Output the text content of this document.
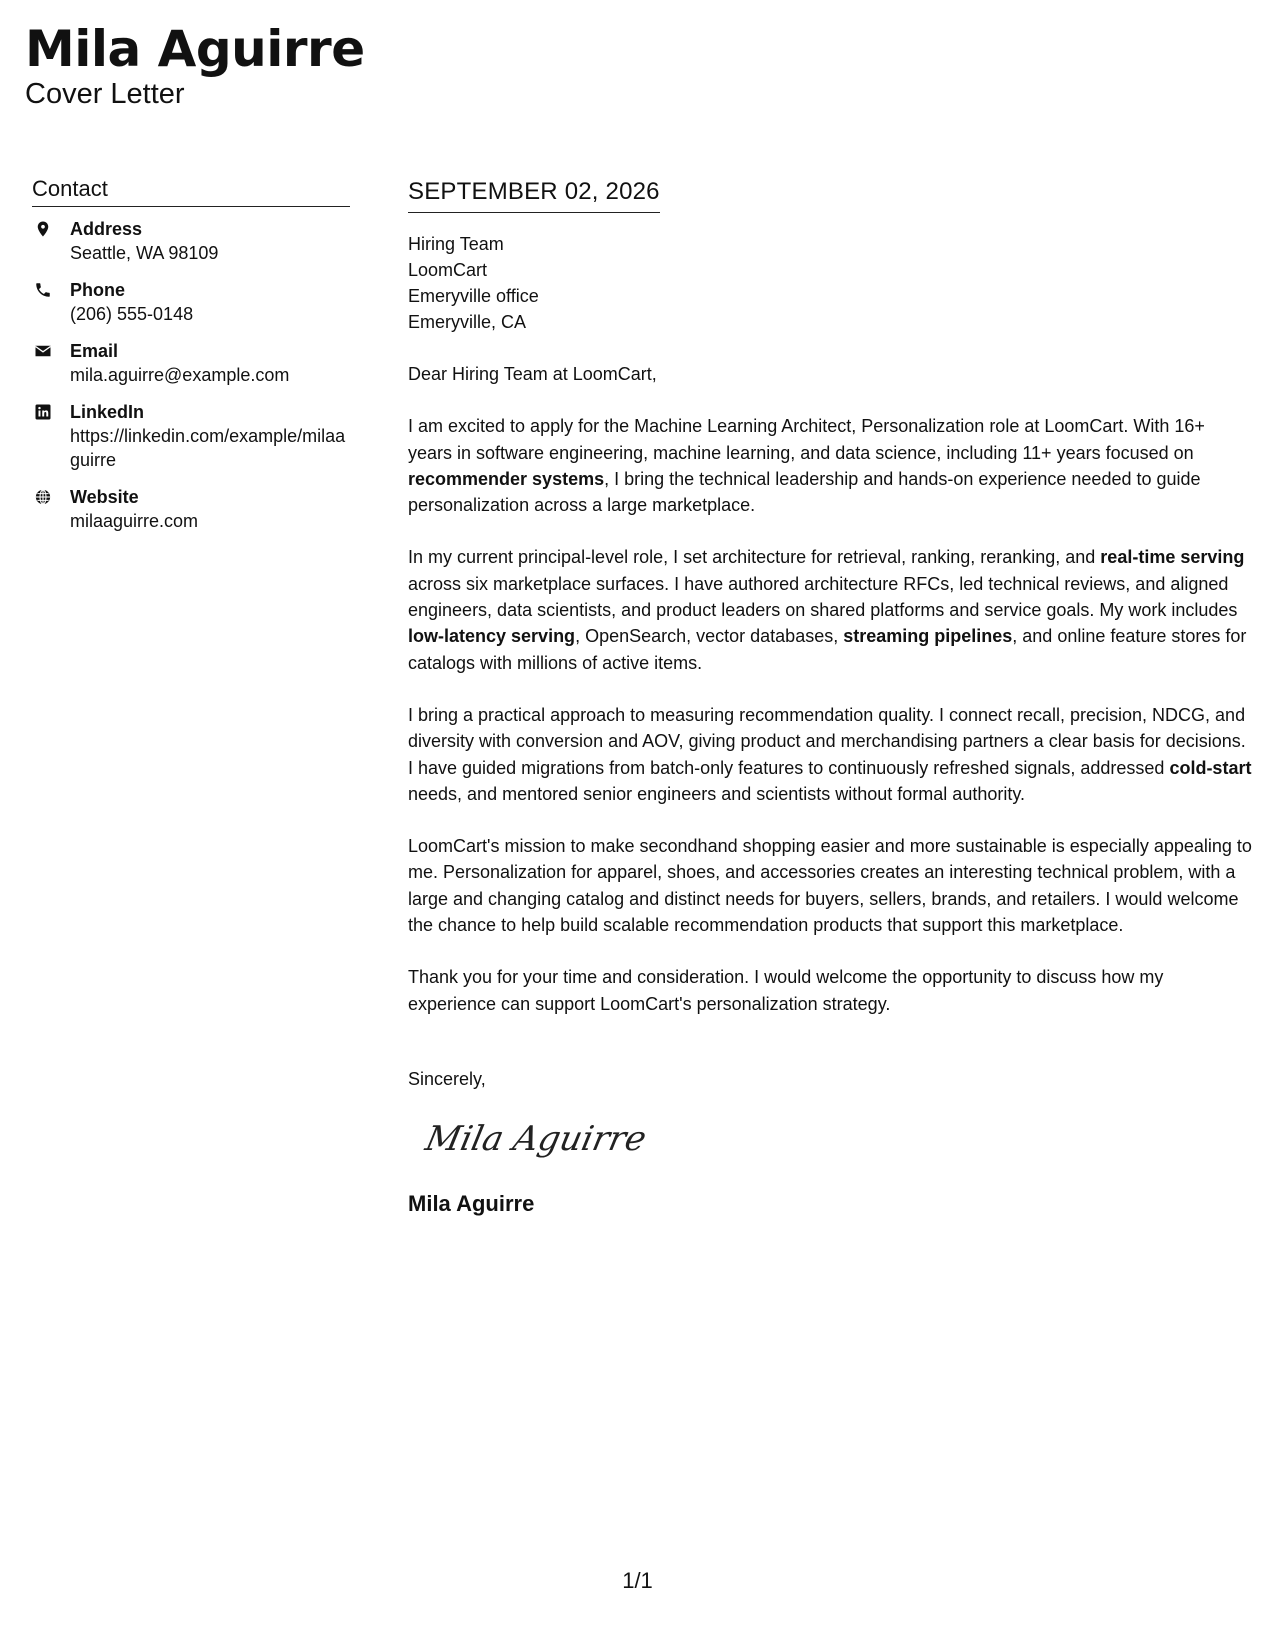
Mila Aguirre
Cover Letter
Contact
Address
Seattle, WA 98109
Phone
(206) 555-0148
Email
mila.aguirre@example.com
LinkedIn
https://linkedin.com/example/milaaguirre
Website
milaaguirre.com
SEPTEMBER 02, 2026
Hiring Team
LoomCart
Emeryville office
Emeryville, CA

Dear Hiring Team at LoomCart,

I am excited to apply for the Machine Learning Architect, Personalization role at LoomCart. With 16+ years in software engineering, machine learning, and data science, including 11+ years focused on recommender systems, I bring the technical leadership and hands-on experience needed to guide personalization across a large marketplace.

In my current principal-level role, I set architecture for retrieval, ranking, reranking, and real-time serving across six marketplace surfaces. I have authored architecture RFCs, led technical reviews, and aligned engineers, data scientists, and product leaders on shared platforms and service goals. My work includes low-latency serving, OpenSearch, vector databases, streaming pipelines, and online feature stores for catalogs with millions of active items.

I bring a practical approach to measuring recommendation quality. I connect recall, precision, NDCG, and diversity with conversion and AOV, giving product and merchandising partners a clear basis for decisions. I have guided migrations from batch-only features to continuously refreshed signals, addressed cold-start needs, and mentored senior engineers and scientists without formal authority.

LoomCart's mission to make secondhand shopping easier and more sustainable is especially appealing to me. Personalization for apparel, shoes, and accessories creates an interesting technical problem, with a large and changing catalog and distinct needs for buyers, sellers, brands, and retailers. I would welcome the chance to help build scalable recommendation products that support this marketplace.

Thank you for your time and consideration. I would welcome the opportunity to discuss how my experience can support LoomCart's personalization strategy.

Sincerely,
Mila Aguirre
Mila Aguirre
1/1
